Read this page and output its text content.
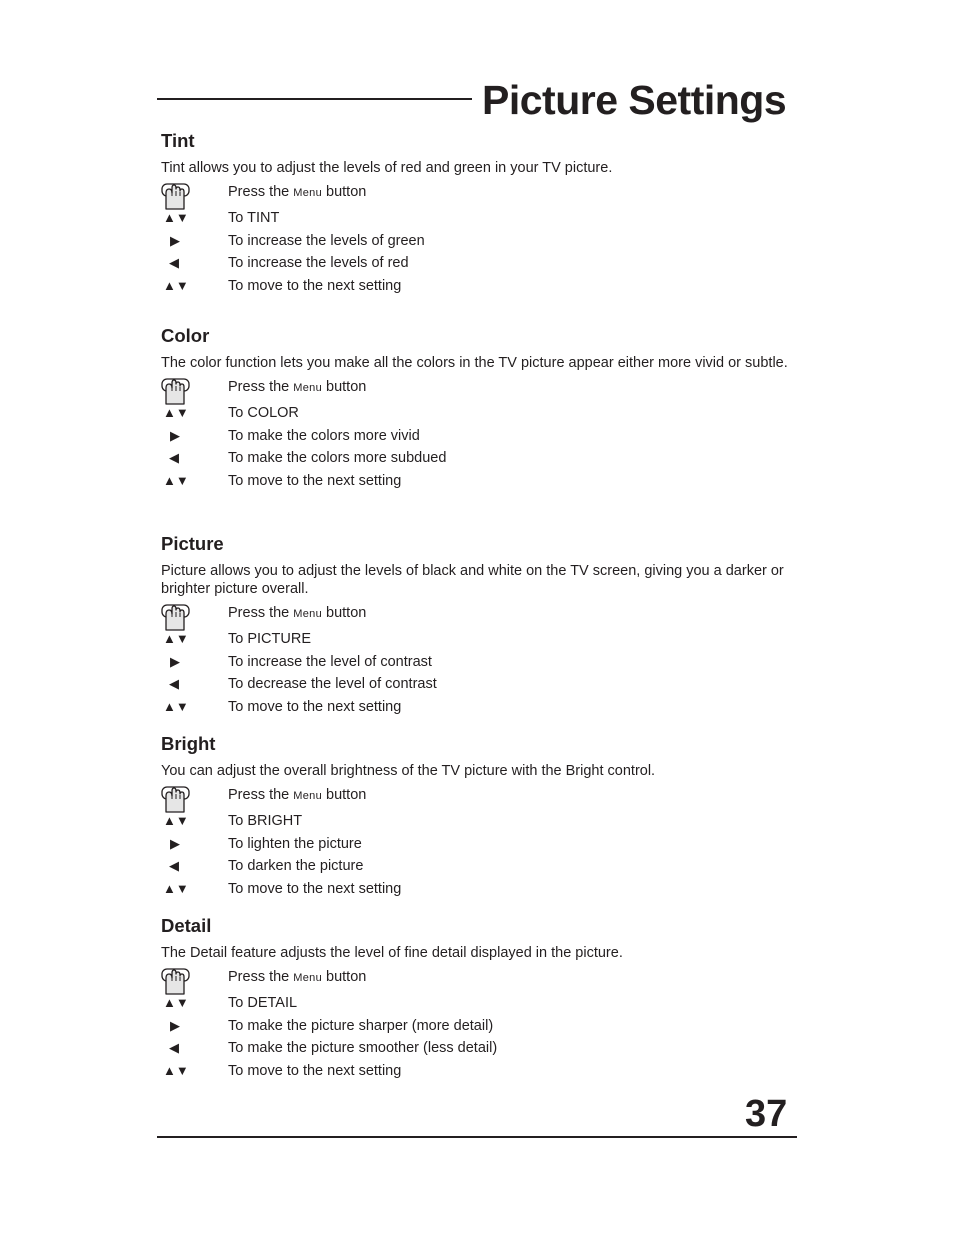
Picture Settings
Tint

Tint allows you to adjust the levels of red and green in your TV picture.

Press the Menu button
▲▼	To TINT
▶	To increase the levels of green
◀	To increase the levels of red
▲▼	To move to the next setting
Color

The color function lets you make all the colors in the TV picture appear either more vivid or subtle.

Press the Menu button
▲▼	To COLOR
▶	To make the colors more vivid
◀	To make the colors more subdued
▲▼	To move to the next setting
Picture

Picture allows you to adjust the levels of black and white on the TV screen, giving you a darker or brighter picture overall.

Press the Menu button
▲▼	To PICTURE
▶	To increase the level of contrast
◀	To decrease the level of contrast
▲▼	To move to the next setting
Bright

You can adjust the overall brightness of the TV picture with the Bright control.

Press the Menu button
▲▼	To BRIGHT
▶	To lighten the picture
◀	To darken the picture
▲▼	To move to the next setting
Detail

The Detail feature adjusts the level of fine detail displayed in the picture.

Press the Menu button
▲▼	To DETAIL
▶	To make the picture sharper (more detail)
◀	To make the picture smoother (less detail)
▲▼	To move to the next setting
37
